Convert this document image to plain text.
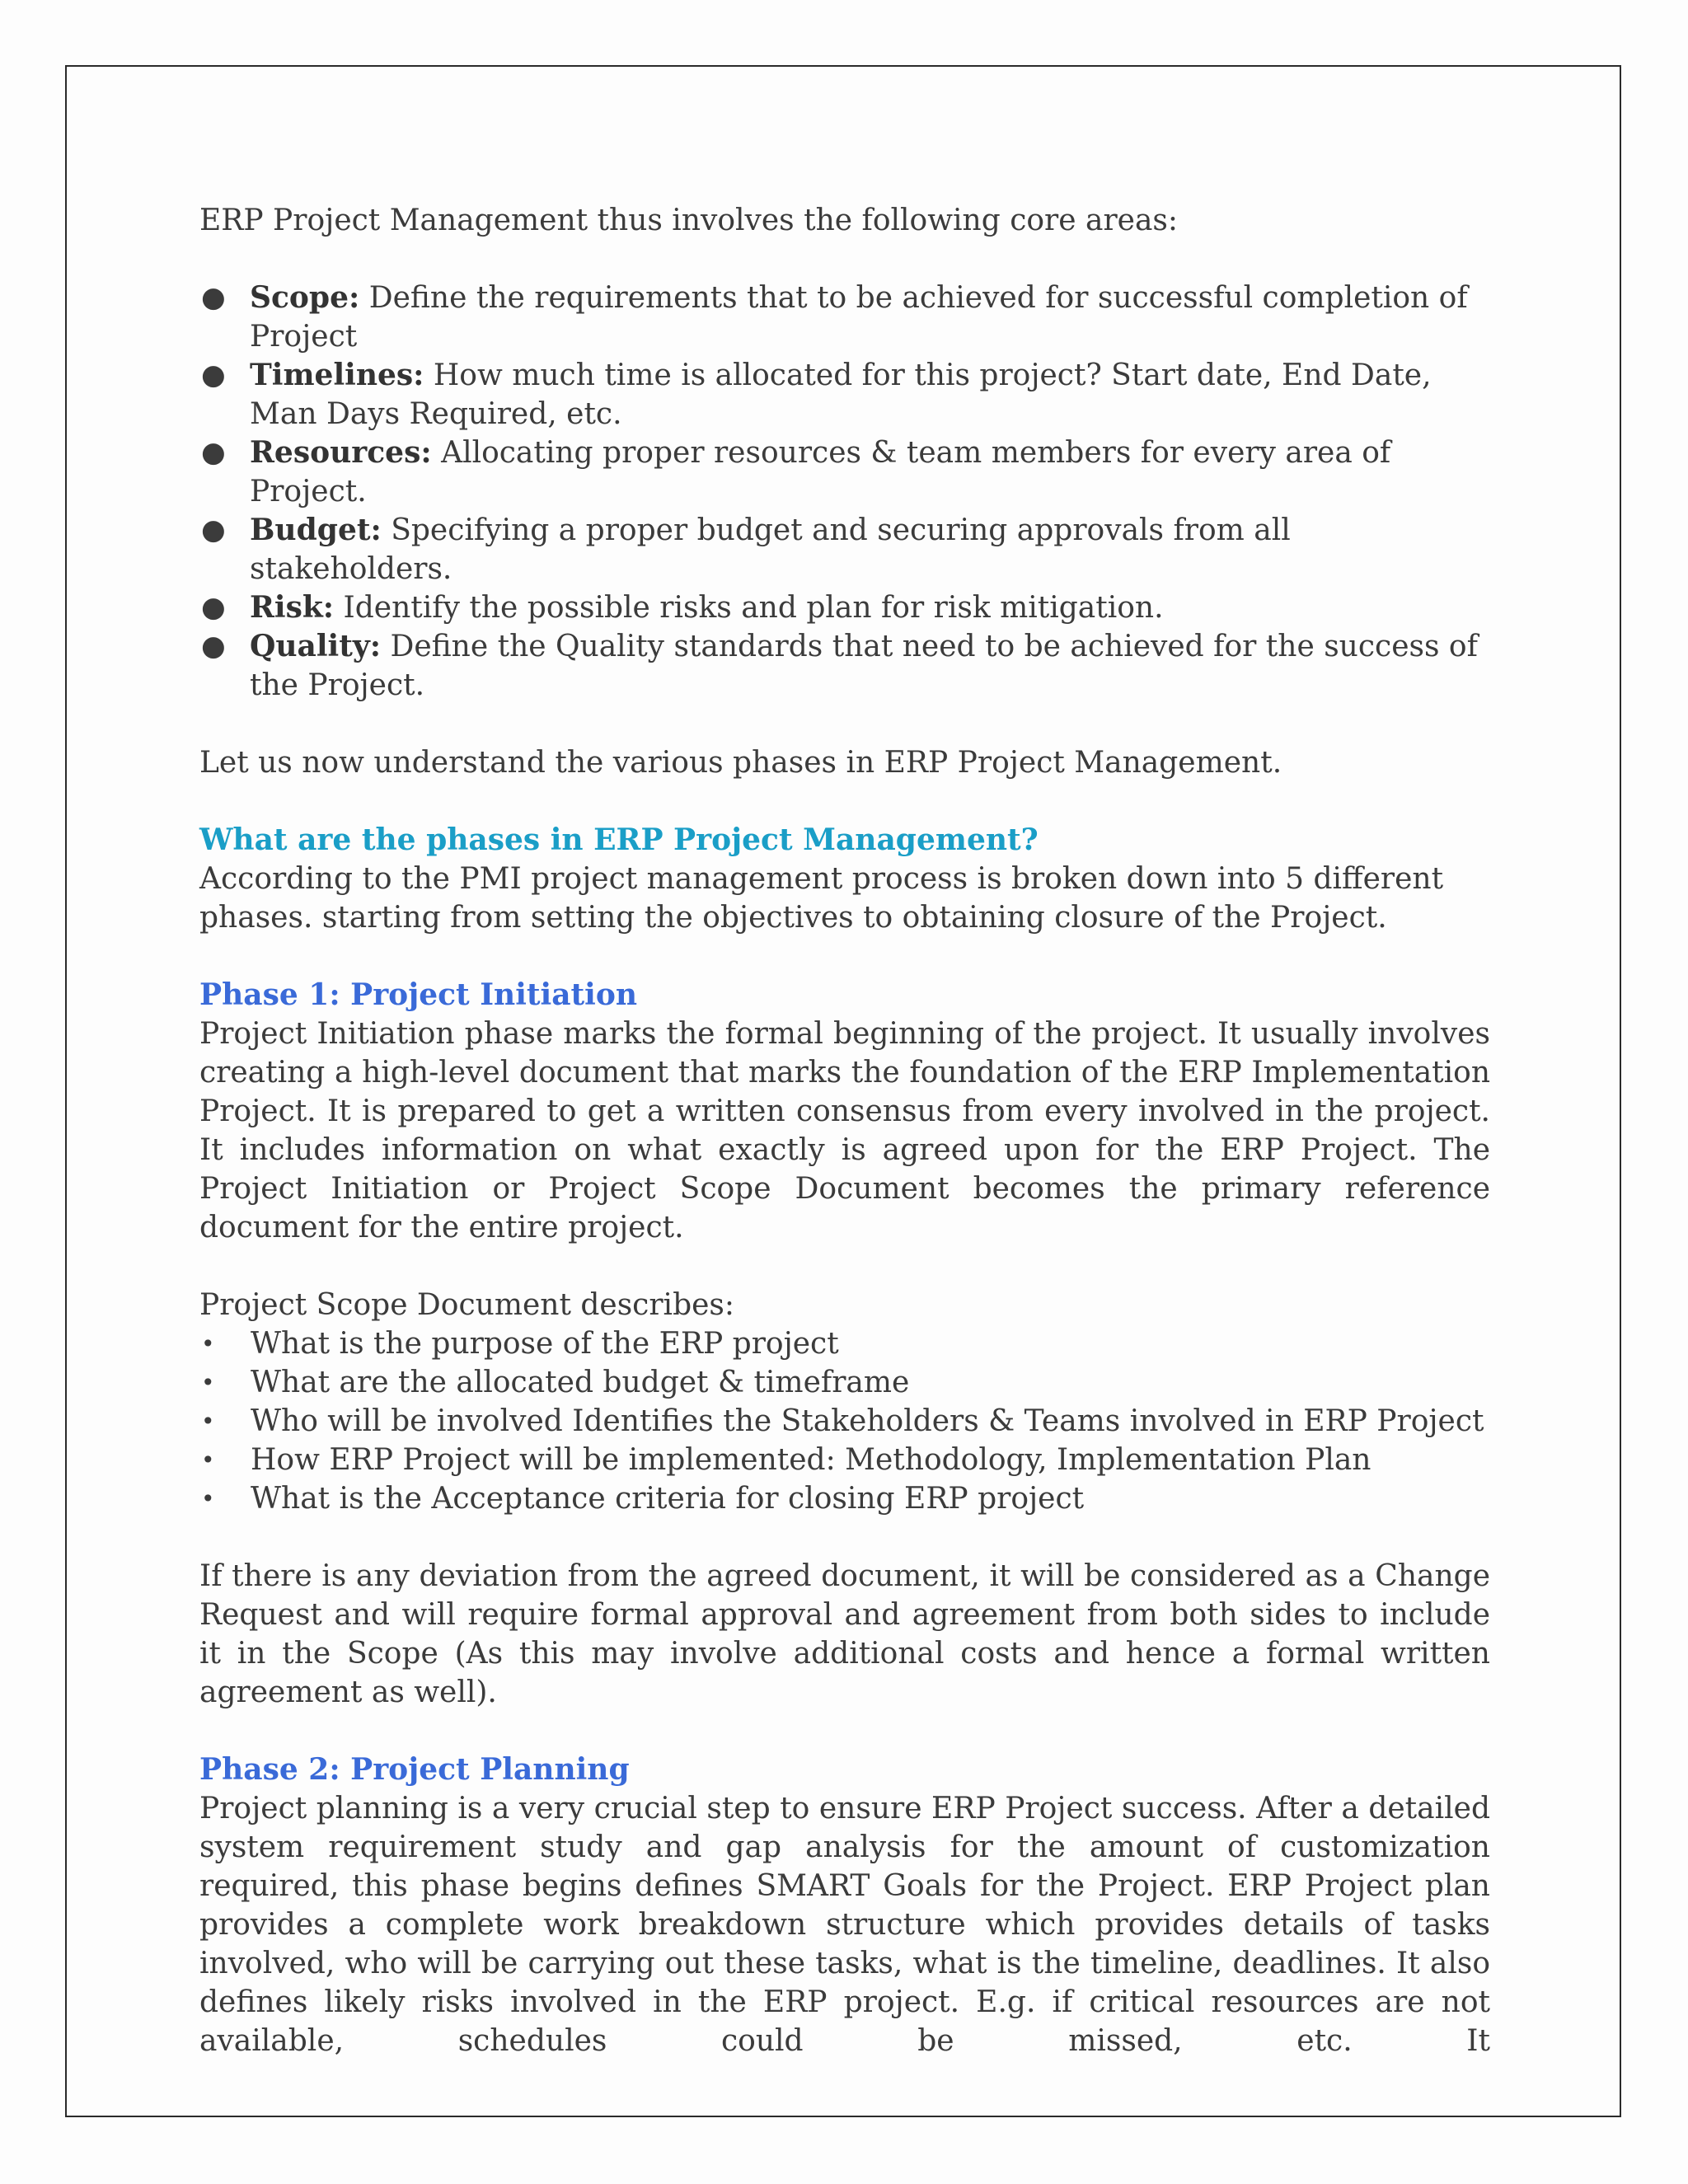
ERP Project Management thus involves the following core areas:

● Scope: Define the requirements that to be achieved for successful completion of Project
● Timelines: How much time is allocated for this project? Start date, End Date, Man Days Required, etc.
● Resources: Allocating proper resources & team members for every area of Project.
● Budget: Specifying a proper budget and securing approvals from all stakeholders.
● Risk: Identify the possible risks and plan for risk mitigation.
● Quality: Define the Quality standards that need to be achieved for the success of the Project.

Let us now understand the various phases in ERP Project Management.

What are the phases in ERP Project Management?

According to the PMI project management process is broken down into 5 different phases. starting from setting the objectives to obtaining closure of the Project.

Phase 1: Project Initiation

Project Initiation phase marks the formal beginning of the project. It usually involves creating a high-level document that marks the foundation of the ERP Implementation Project. It is prepared to get a written consensus from every involved in the project. It includes information on what exactly is agreed upon for the ERP Project. The Project Initiation or Project Scope Document becomes the primary reference document for the entire project.

Project Scope Document describes:

• What is the purpose of the ERP project
• What are the allocated budget & timeframe
• Who will be involved Identifies the Stakeholders & Teams involved in ERP Project
• How ERP Project will be implemented: Methodology, Implementation Plan
• What is the Acceptance criteria for closing ERP project

If there is any deviation from the agreed document, it will be considered as a Change Request and will require formal approval and agreement from both sides to include it in the Scope (As this may involve additional costs and hence a formal written agreement as well).

Phase 2: Project Planning

Project planning is a very crucial step to ensure ERP Project success. After a detailed system requirement study and gap analysis for the amount of customization required, this phase begins defines SMART Goals for the Project. ERP Project plan provides a complete work breakdown structure which provides details of tasks involved, who will be carrying out these tasks, what is the timeline, deadlines. It also defines likely risks involved in the ERP project. E.g. if critical resources are not available, schedules could be missed, etc. It
